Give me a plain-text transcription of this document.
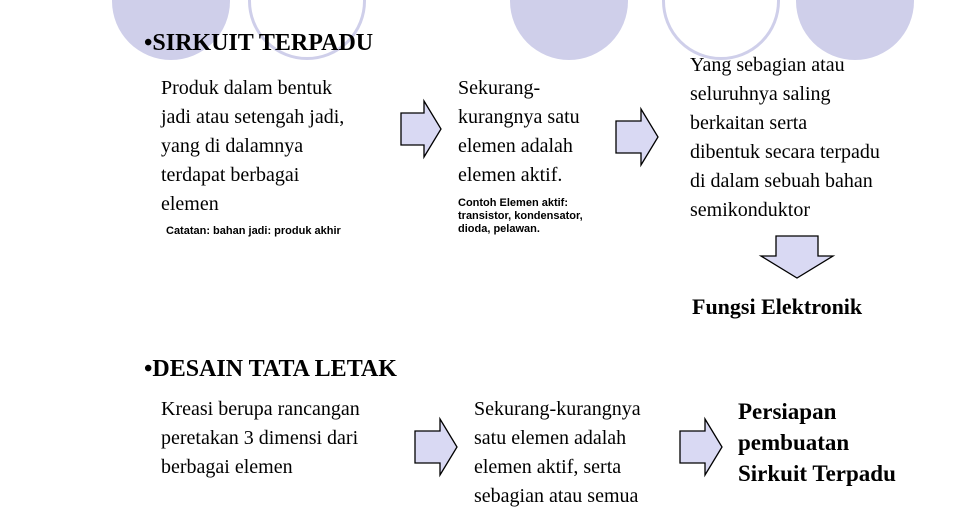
•SIRKUIT TERPADU
Produk dalam bentuk
jadi atau setengah jadi,
yang di dalamnya
terdapat berbagai
elemen
Catatan: bahan jadi: produk akhir
Sekurang-
kurangnya satu
elemen adalah
elemen aktif.
Contoh Elemen aktif:
transistor, kondensator,
dioda, pelawan.
Yang sebagian atau
seluruhnya saling
berkaitan serta
dibentuk secara terpadu
di dalam sebuah bahan
semikonduktor
Fungsi Elektronik
•DESAIN TATA LETAK
Kreasi berupa rancangan
peretakan 3 dimensi dari
berbagai elemen
Sekurang-kurangnya
satu elemen adalah
elemen aktif, serta
sebagian atau semua
Persiapan
pembuatan
Sirkuit Terpadu
